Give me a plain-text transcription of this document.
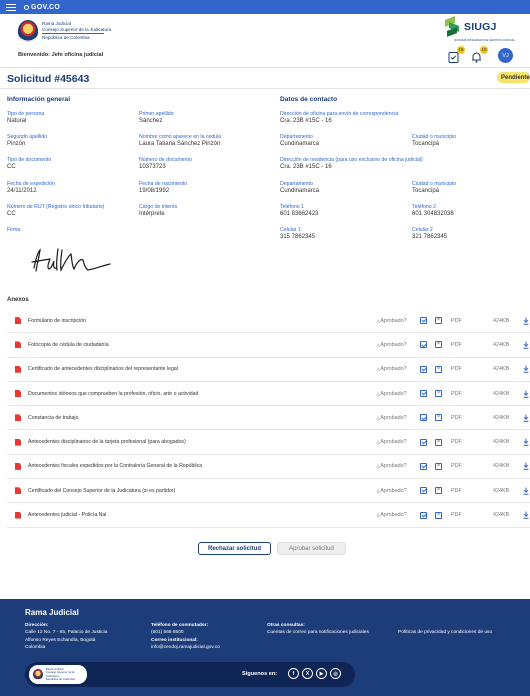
GOV.CO
Rama Judicial
Consejo Superior de la Judicatura
República de Colombia
Bienvenido: Jefe oficina judicial
SIUGJ
SISTEMA INTEGRADO DE GESTIÓN JUDICIAL
18	10
VJ
Solicitud #45643	Pendiente
Información general
Tipo de persona
Natural
Primer apellido
Sánchez
Segundo apellido
Pinzón
Nombre como aparece en la cedula
Laura Tatiana Sánchez Pinzón
Tipo de documento
CC
Número de documento
10373723
Fecha de expedición
24/11/2012
Fecha de nacimiento
19/08/1992
Número de RUT (Registro único tributario)
CC
Cargo de interés
Intérprete
Firma
Datos de contacto
Dirección de oficina para envío de correspondencia
Cra. 23B #15C - 16
Departamento
Cundinamarca
Ciudad o municipio
Tocancipá
Dirección de residencia (para uso exclusivo de oficina judicial)
Cra. 23B #15C - 16
Departamento
Cundinamarca
Ciudad o municipio
Tocancipá
Teléfono 1
601 83662423
Teléfono 2
601 304832038
Celular 1
315 7862345
Celular 2
321 7862345
Anexos
Formulario de inscripción	¿Aprobado?	×	PDF	424KB
Fotocopia de cédula de ciudadanía	¿Aprobado?	×	PDF	424KB
Certificado de antecedentes disciplinarios del representante legal	¿Aprobado?	×	PDF	424KB
Documentos idóneos que comprueben la profesión, oficio, arte o actividad	¿Aprobado?	×	PDF	424KB
Constancia de trabajo	¿Aprobado?	×	PDF	424KB
Antecedentes disciplinarios de la tarjeta profesional (para abogados)	¿Aprobado?	×	PDF	424KB
Antecedentes fiscales expedidos por la Contraloría General de la República	¿Aprobado?	×	PDF	424KB
Certificado del Consejo Superior de la Judicatura (si es partidor)	¿Aprobado?	×	PDF	424KB
Antecedentes judicial - Policía Nal	¿Aprobado?	×	PDF	424KB
Rechazar solicitud	Aprobar solicitud
Rama Judicial
Dirección:
Calle 12 No. 7 - 65, Palacio de Justicia
Alfonso Reyes Echandía, Bogotá
Colombia
Teléfono de conmutador:
(601) 565 8500
Correo institucional:
info@cendoj.ramajudicial.gov.co
Otras consultas:
Cuentas de correo para notificaciones judiciales	Políticas de privacidad y condiciones de uso
Rama Judicial
Consejo Superior de la Judicatura
República de Colombia
Síguenos en:	f	X	▶	◎
